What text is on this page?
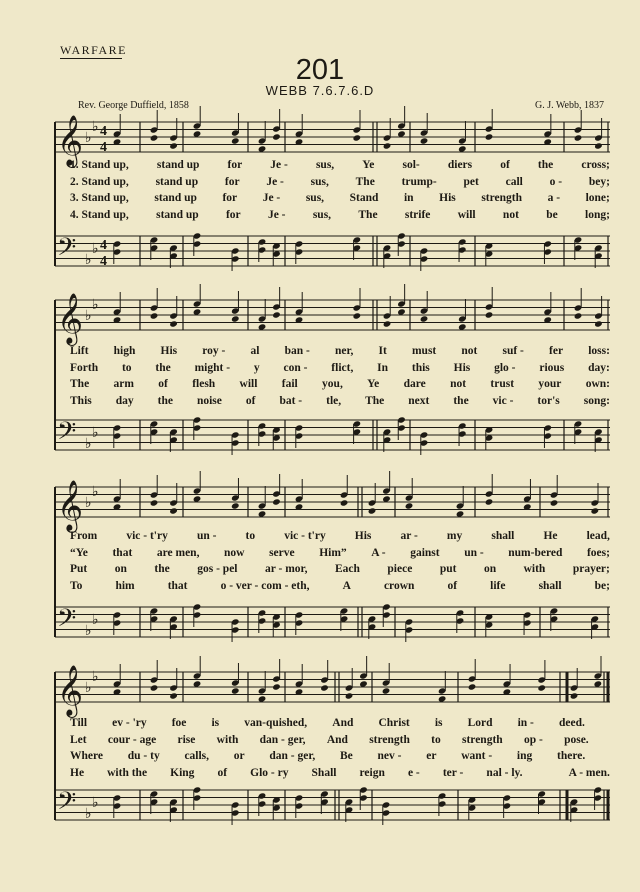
WARFARE
201
WEBB 7.6.7.6.D
Rev. George Duffield, 1858	G. J. Webb, 1837
𝄞 ♭
♭ 4
4
𝄢 ♭
♭ 4
4
𝄞 ♭
♭
𝄢 ♭
♭
𝄞 ♭
♭
𝄢 ♭
♭
𝄞 ♭
♭
𝄢 ♭
♭
1. Stand up, stand up for Je - sus, Ye sol- diers of the cross;
2. Stand up, stand up for Je - sus, The trump- pet call o - bey;
3. Stand up, stand up for Je - sus, Stand in His strength a - lone;
4. Stand up, stand up for Je - sus, The strife will not be long;
Lift high His roy - al ban - ner, It must not suf - fer loss:
Forth to the might - y con - flict, In this His glo - rious day:
The arm of flesh will fail you, Ye dare not trust your own:
This day the noise of bat - tle, The next the vic - tor's song:
From	vic - t'ry	un -	to	vic - t'ry	His	ar -	my	shall	He	lead,
“Ye that are men, now serve Him” A - gainst un - num-bered foes;
Put on the gos - pel ar - mor, Each piece put on with prayer;
To	him	that	o - ver - com - eth,	A	crown	of	life	shall	be;
Till ev - 'ry foe is van-quished, And Christ is Lord in - deed.
Let cour - age rise with dan - ger, And strength to strength op - pose.
Where du - ty calls, or dan - ger, Be nev - er want - ing there.
He with the King of Glo - ry Shall reign e - ter - nal - ly.	A - men.
